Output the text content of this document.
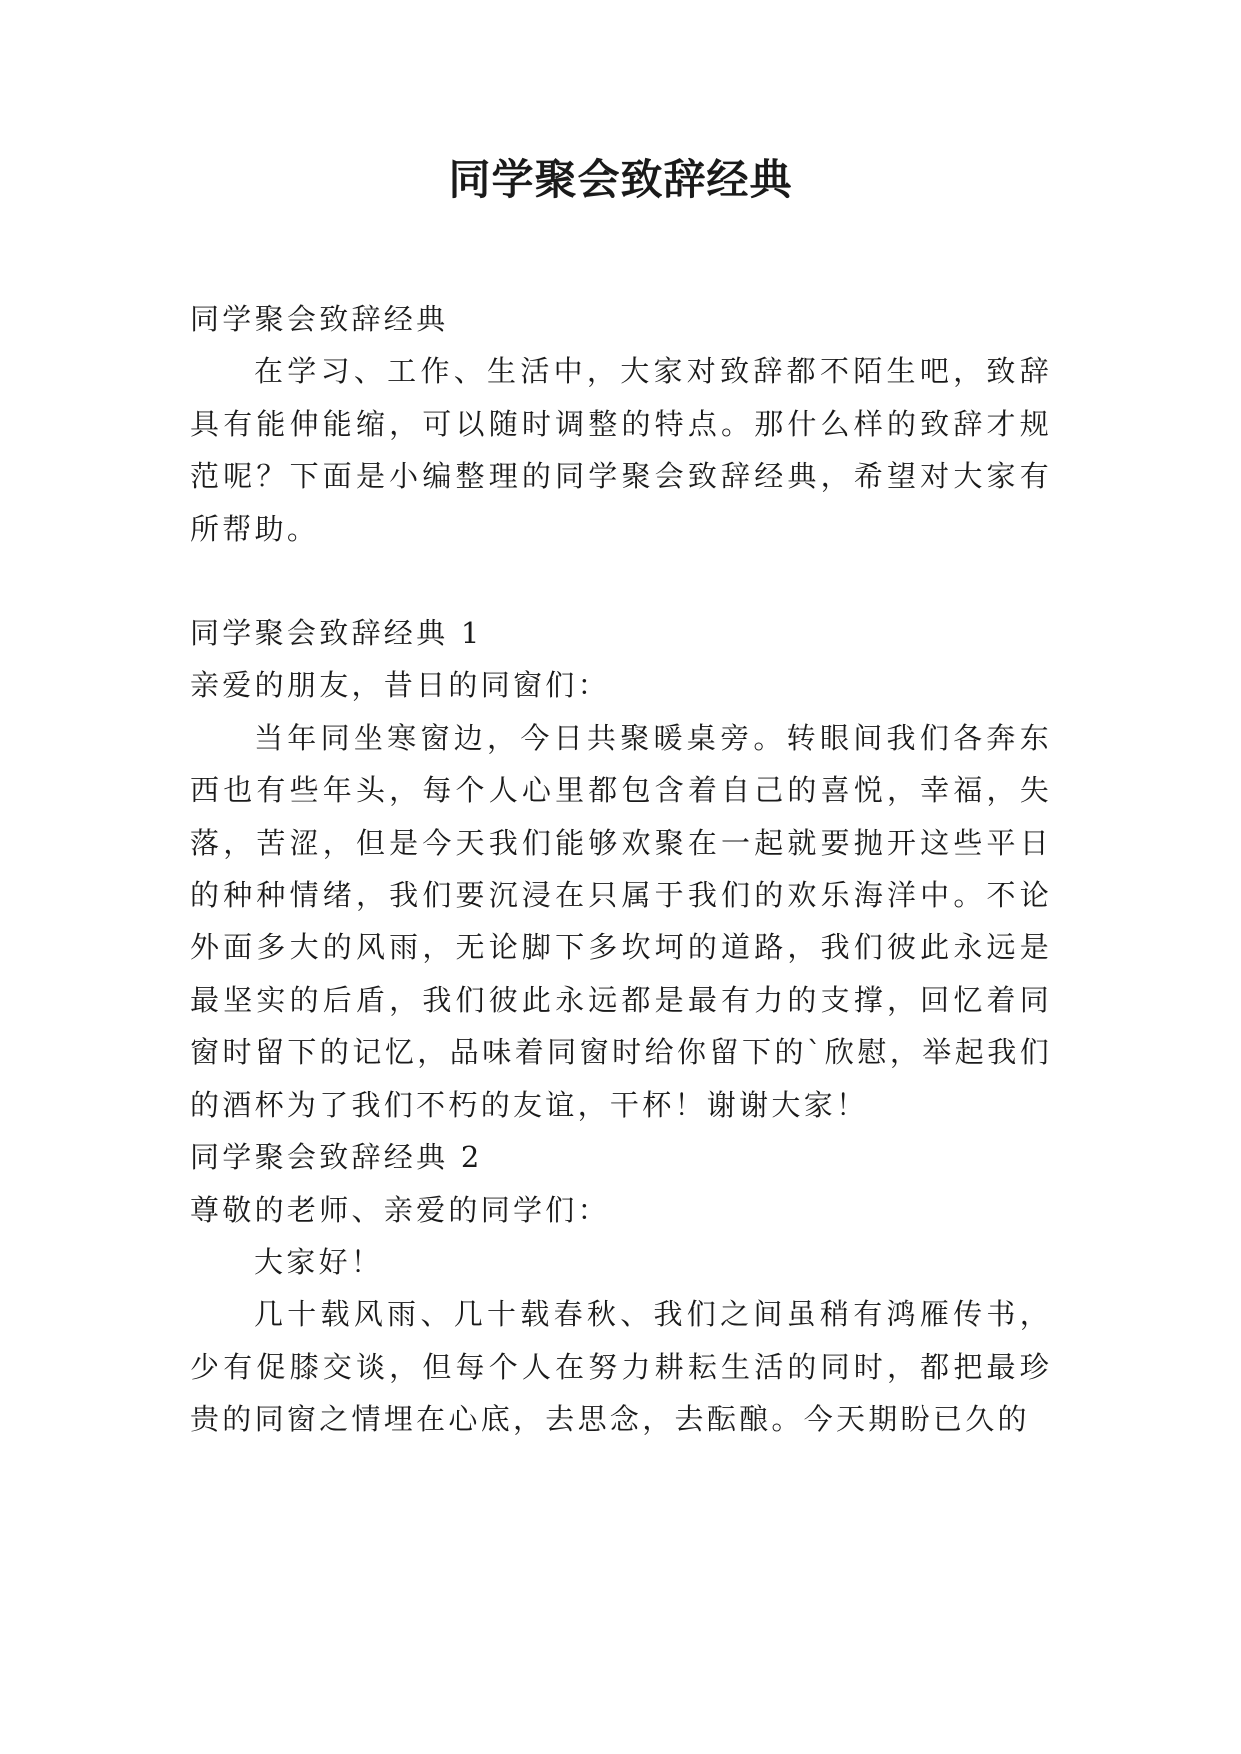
同学聚会致辞经典

同学聚会致辞经典

在学习、工作、生活中，大家对致辞都不陌生吧，致辞具有能伸能缩，可以随时调整的特点。那什么样的致辞才规范呢？下面是小编整理的同学聚会致辞经典，希望对大家有所帮助。

同学聚会致辞经典 1

亲爱的朋友，昔日的同窗们：

当年同坐寒窗边，今日共聚暖桌旁。转眼间我们各奔东西也有些年头，每个人心里都包含着自己的喜悦，幸福，失落，苦涩，但是今天我们能够欢聚在一起就要抛开这些平日的种种情绪，我们要沉浸在只属于我们的欢乐海洋中。不论外面多大的风雨，无论脚下多坎坷的道路，我们彼此永远是最坚实的后盾，我们彼此永远都是最有力的支撑，回忆着同窗时留下的记忆，品味着同窗时给你留下的`欣慰，举起我们的酒杯为了我们不朽的友谊，干杯！谢谢大家！

同学聚会致辞经典 2

尊敬的老师、亲爱的同学们：

大家好！

几十载风雨、几十载春秋、我们之间虽稍有鸿雁传书，少有促膝交谈，但每个人在努力耕耘生活的同时，都把最珍贵的同窗之情埋在心底，去思念，去酝酿。今天期盼已久的
